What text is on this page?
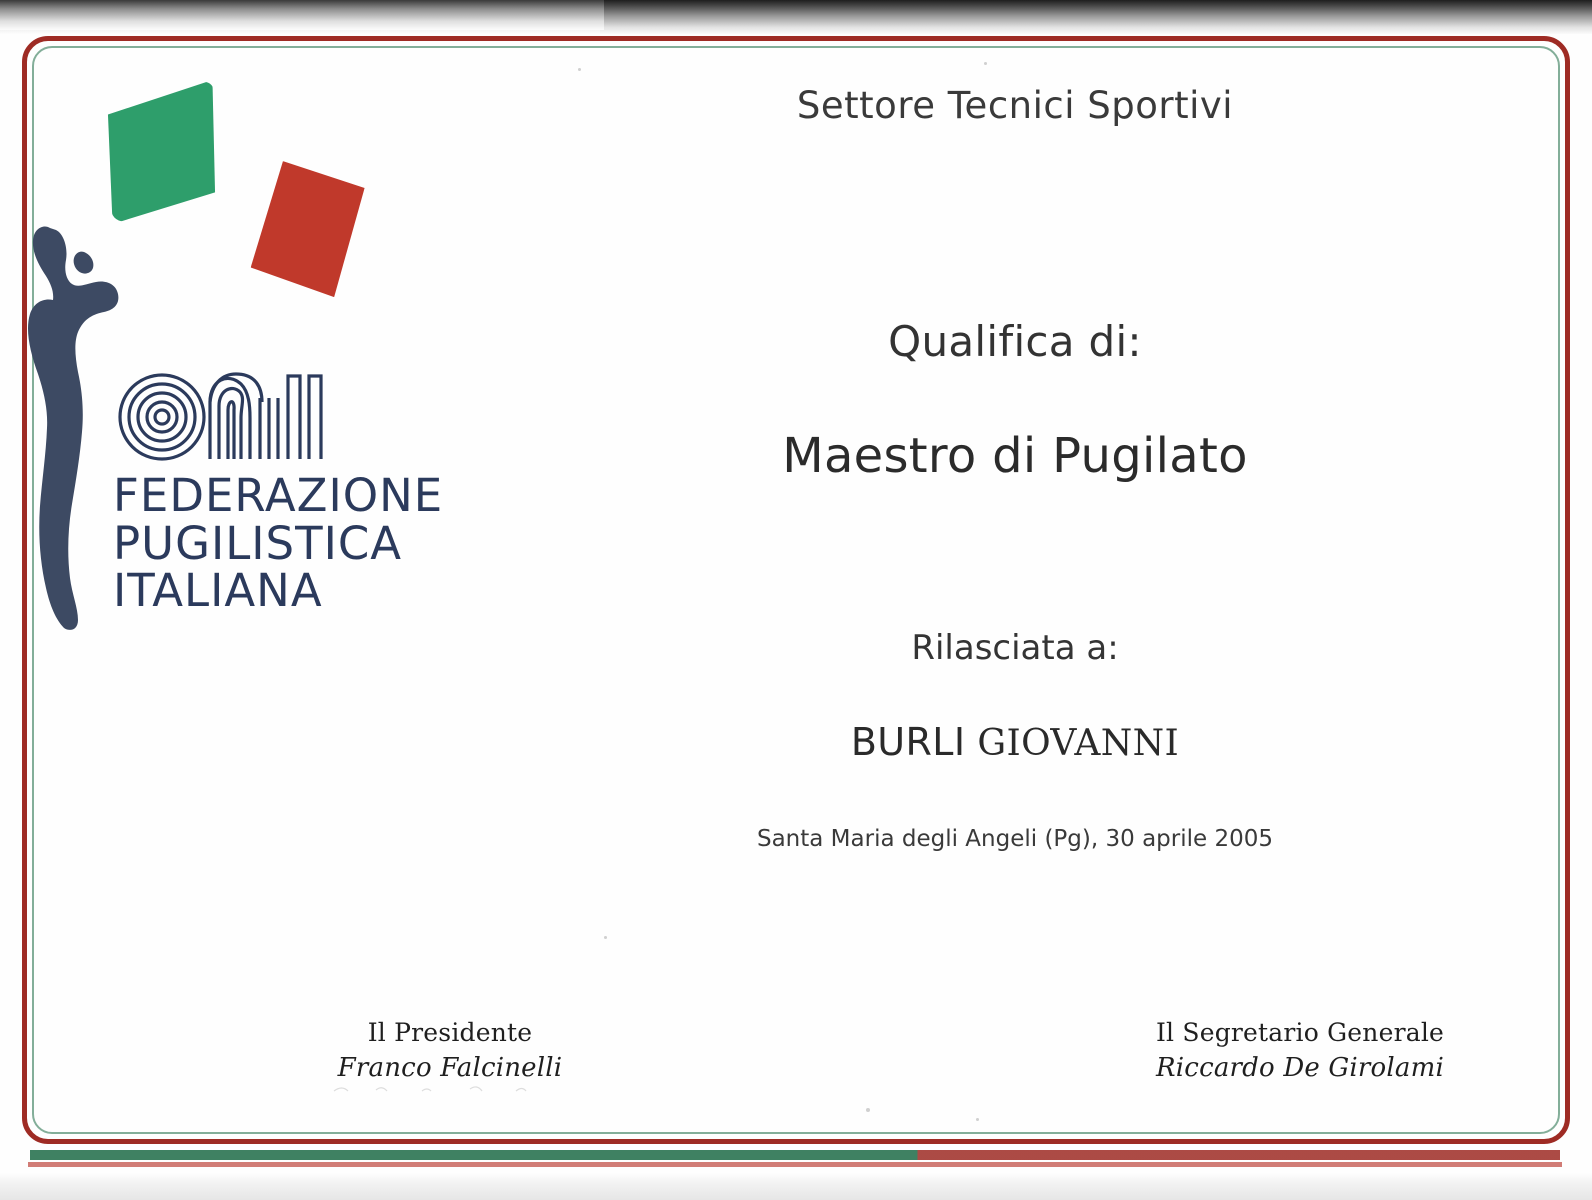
FEDERAZIONE
PUGILISTICA
ITALIANA
Settore Tecnici Sportivi
Qualifica di:
Maestro di Pugilato
Rilasciata a:
BURLI GIOVANNI
Santa Maria degli Angeli (Pg), 30 aprile 2005
Il Presidente
Franco Falcinelli
Il Segretario Generale
Riccardo De Girolami
